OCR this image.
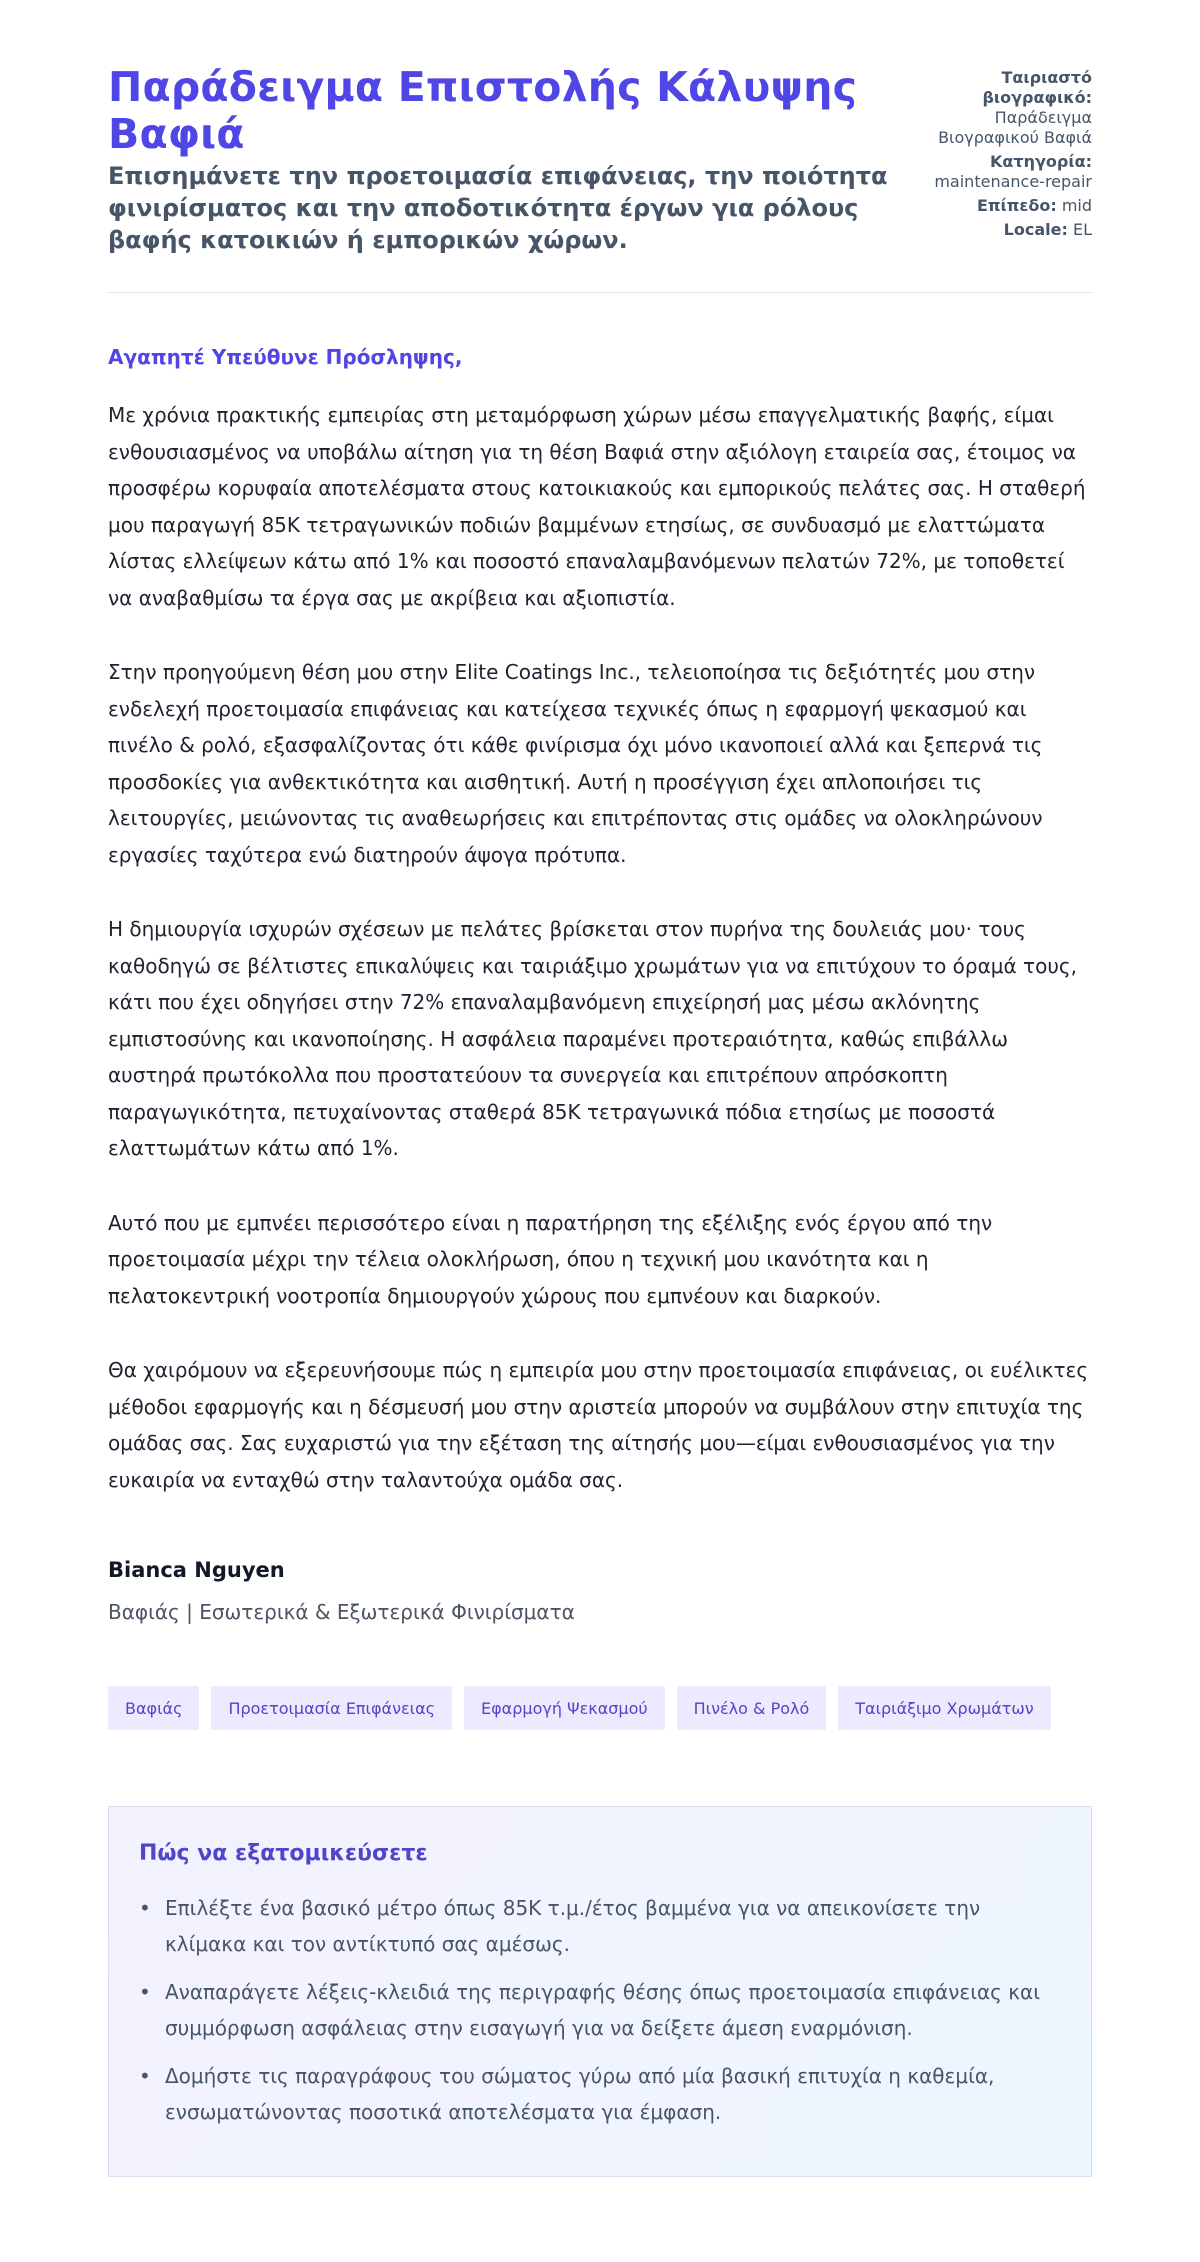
Παράδειγμα Επιστολής Κάλυψης Βαφιά
Επισημάνετε την προετοιμασία επιφάνειας, την ποιότητα φινιρίσματος και την αποδοτικότητα έργων για ρόλους βαφής κατοικιών ή εμπορικών χώρων.
Ταιριαστό βιογραφικό: Παράδειγμα Βιογραφικού Βαφιά
Κατηγορία: maintenance-repair
Επίπεδο: mid
Locale: EL
Αγαπητέ Υπεύθυνε Πρόσληψης,

Με χρόνια πρακτικής εμπειρίας στη μεταμόρφωση χώρων μέσω επαγγελματικής βαφής, είμαι ενθουσιασμένος να υποβάλω αίτηση για τη θέση Βαφιά στην αξιόλογη εταιρεία σας, έτοιμος να προσφέρω κορυφαία αποτελέσματα στους κατοικιακούς και εμπορικούς πελάτες σας. Η σταθερή μου παραγωγή 85K τετραγωνικών ποδιών βαμμένων ετησίως, σε συνδυασμό με ελαττώματα λίστας ελλείψεων κάτω από 1% και ποσοστό επαναλαμβανόμενων πελατών 72%, με τοποθετεί να αναβαθμίσω τα έργα σας με ακρίβεια και αξιοπιστία.

Στην προηγούμενη θέση μου στην Elite Coatings Inc., τελειοποίησα τις δεξιότητές μου στην ενδελεχή προετοιμασία επιφάνειας και κατείχεσα τεχνικές όπως η εφαρμογή ψεκασμού και πινέλο & ρολό, εξασφαλίζοντας ότι κάθε φινίρισμα όχι μόνο ικανοποιεί αλλά και ξεπερνά τις προσδοκίες για ανθεκτικότητα και αισθητική. Αυτή η προσέγγιση έχει απλοποιήσει τις λειτουργίες, μειώνοντας τις αναθεωρήσεις και επιτρέποντας στις ομάδες να ολοκληρώνουν εργασίες ταχύτερα ενώ διατηρούν άψογα πρότυπα.

Η δημιουργία ισχυρών σχέσεων με πελάτες βρίσκεται στον πυρήνα της δουλειάς μου· τους καθοδηγώ σε βέλτιστες επικαλύψεις και ταιριάξιμο χρωμάτων για να επιτύχουν το όραμά τους, κάτι που έχει οδηγήσει στην 72% επαναλαμβανόμενη επιχείρησή μας μέσω ακλόνητης εμπιστοσύνης και ικανοποίησης. Η ασφάλεια παραμένει προτεραιότητα, καθώς επιβάλλω αυστηρά πρωτόκολλα που προστατεύουν τα συνεργεία και επιτρέπουν απρόσκοπτη παραγωγικότητα, πετυχαίνοντας σταθερά 85K τετραγωνικά πόδια ετησίως με ποσοστά ελαττωμάτων κάτω από 1%.

Αυτό που με εμπνέει περισσότερο είναι η παρατήρηση της εξέλιξης ενός έργου από την προετοιμασία μέχρι την τέλεια ολοκλήρωση, όπου η τεχνική μου ικανότητα και η πελατοκεντρική νοοτροπία δημιουργούν χώρους που εμπνέουν και διαρκούν.

Θα χαιρόμουν να εξερευνήσουμε πώς η εμπειρία μου στην προετοιμασία επιφάνειας, οι ευέλικτες μέθοδοι εφαρμογής και η δέσμευσή μου στην αριστεία μπορούν να συμβάλουν στην επιτυχία της ομάδας σας. Σας ευχαριστώ για την εξέταση της αίτησής μου—είμαι ενθουσιασμένος για την ευκαιρία να ενταχθώ στην ταλαντούχα ομάδα σας.

Bianca Nguyen
Βαφιάς | Εσωτερικά & Εξωτερικά Φινιρίσματα
Βαφιάς	Προετοιμασία Επιφάνειας	Εφαρμογή Ψεκασμού	Πινέλο & Ρολό	Ταιριάξιμο Χρωμάτων
Πώς να εξατομικεύσετε
• Επιλέξτε ένα βασικό μέτρο όπως 85K τ.μ./έτος βαμμένα για να απεικονίσετε την κλίμακα και τον αντίκτυπό σας αμέσως.
• Αναπαράγετε λέξεις-κλειδιά της περιγραφής θέσης όπως προετοιμασία επιφάνειας και συμμόρφωση ασφάλειας στην εισαγωγή για να δείξετε άμεση εναρμόνιση.
• Δομήστε τις παραγράφους του σώματος γύρω από μία βασική επιτυχία η καθεμία, ενσωματώνοντας ποσοτικά αποτελέσματα για έμφαση.
